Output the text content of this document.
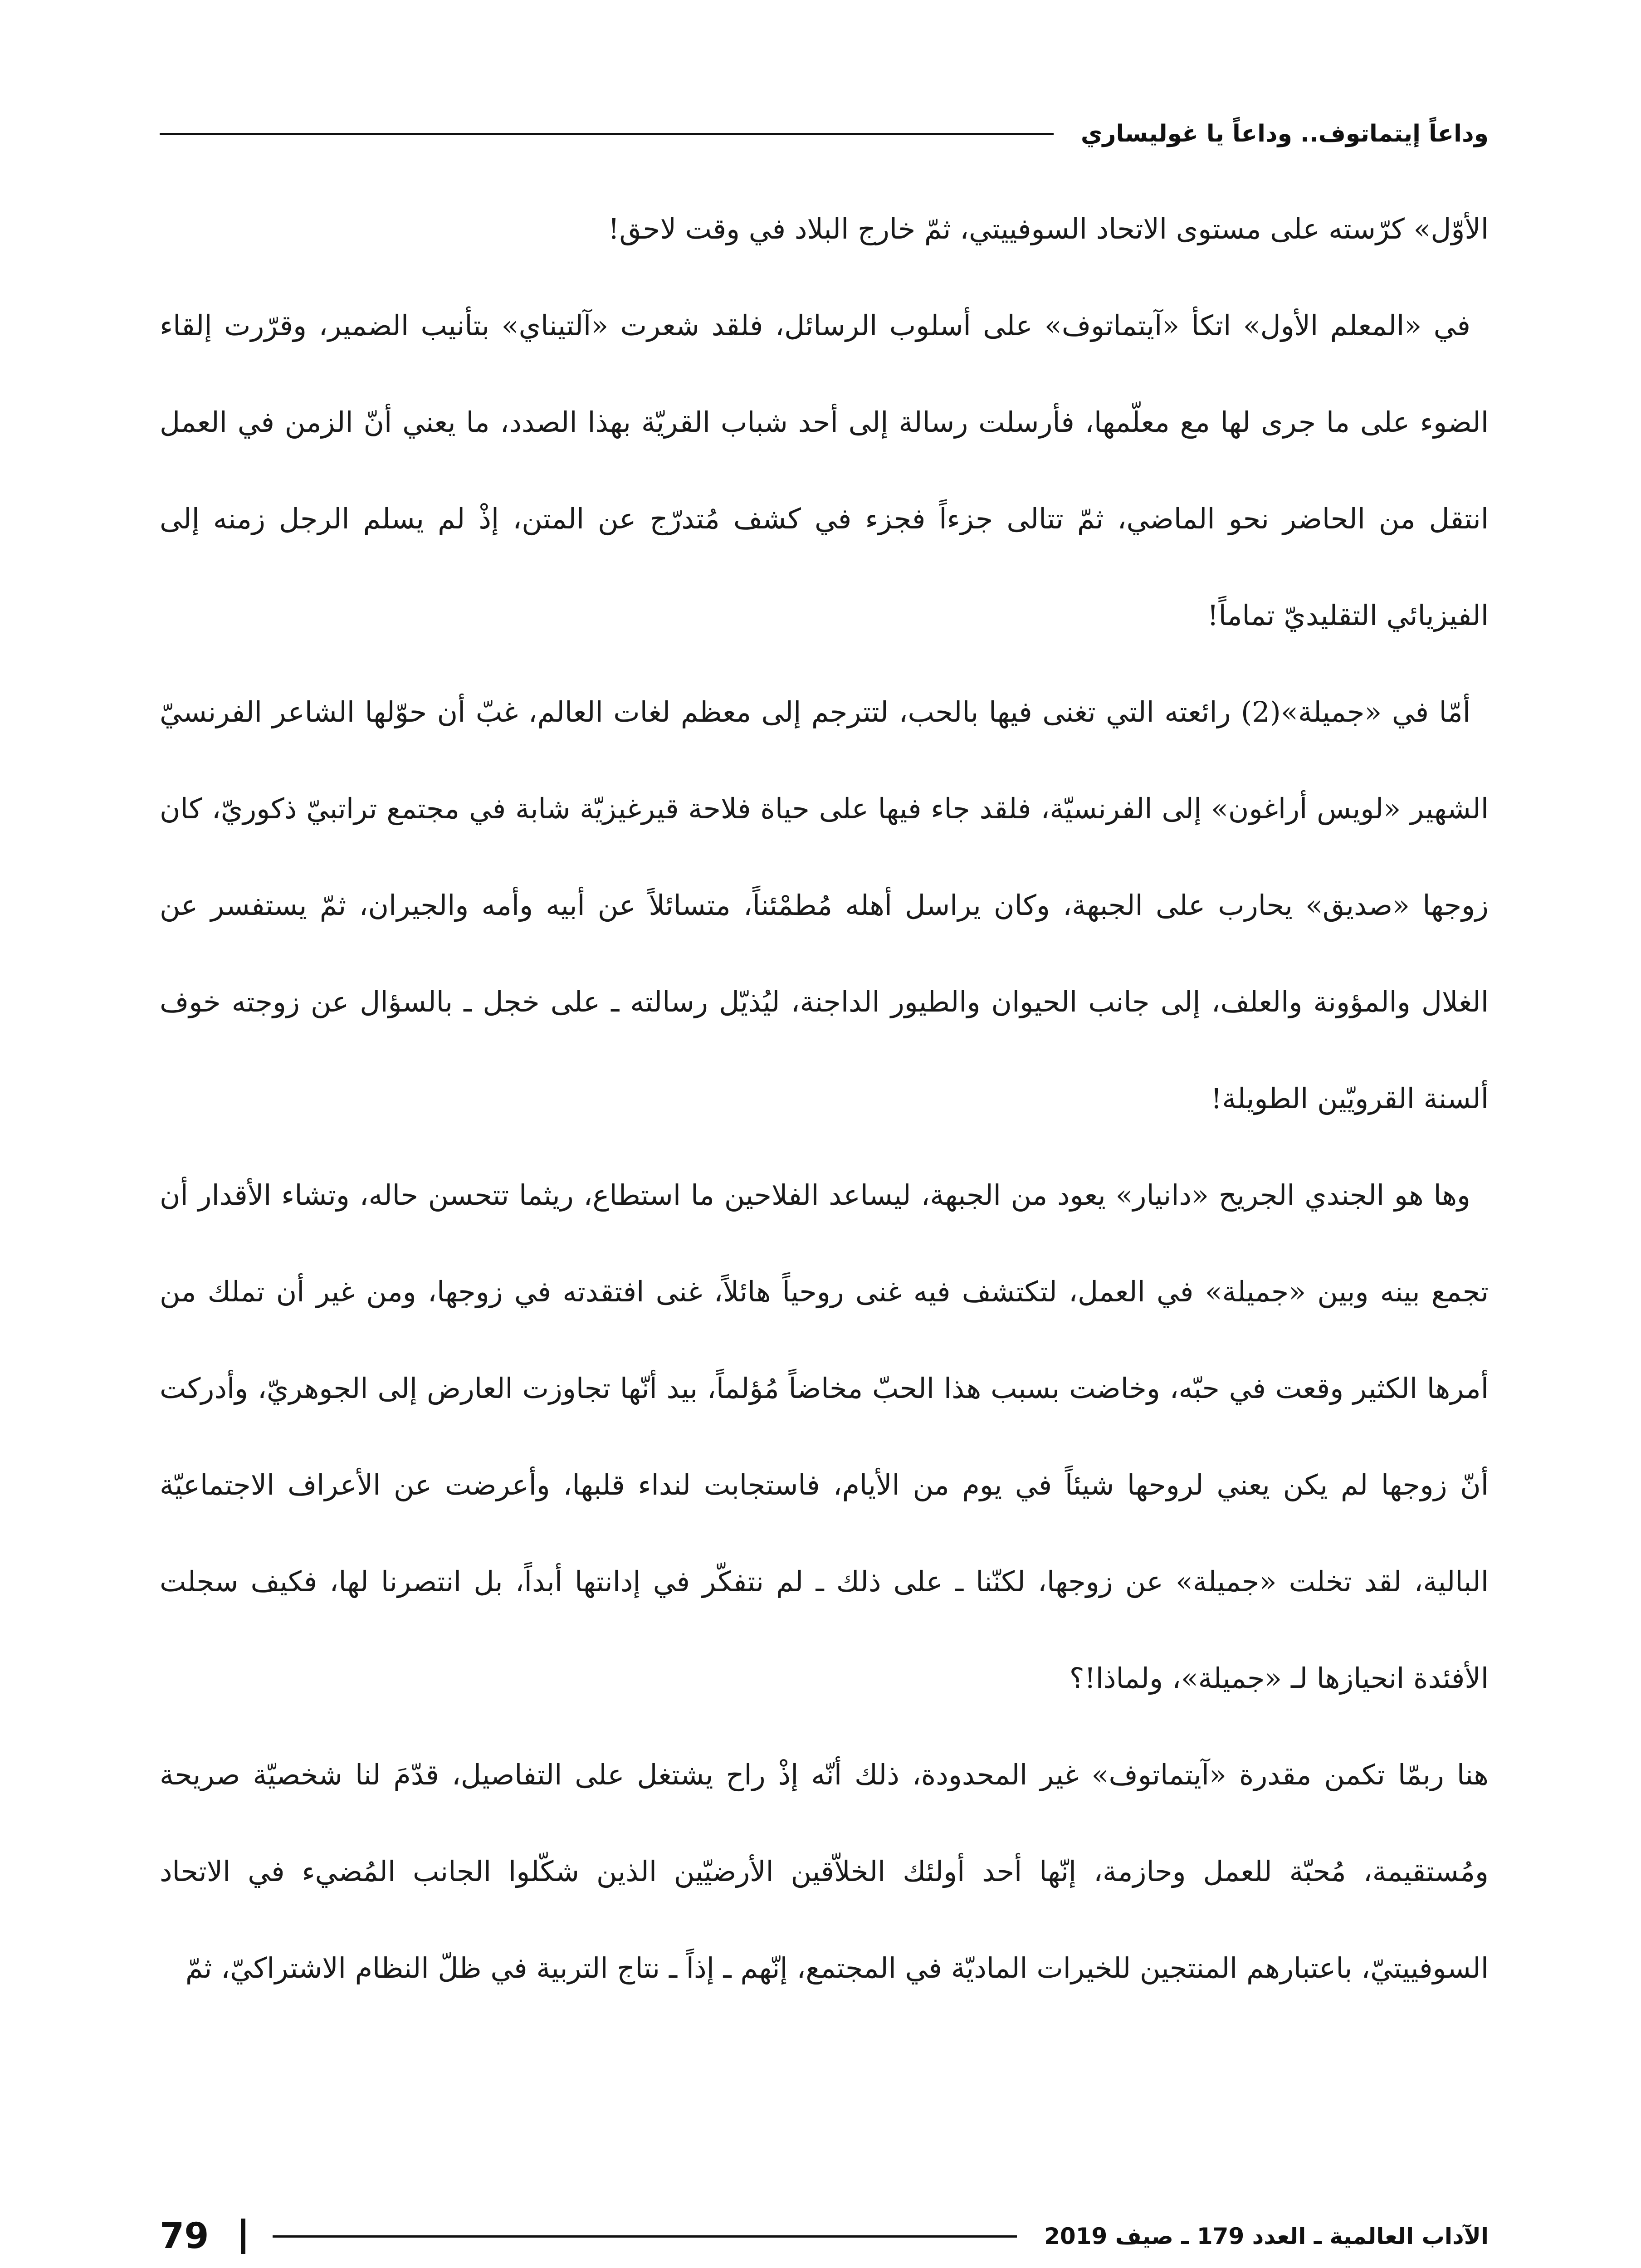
وداعاً إيتماتوف.. وداعاً يا غوليساري

الأوّل» كرّسته على مستوى الاتحاد السوفييتي، ثمّ خارج البلاد في وقت لاحق!

في «المعلم الأول» اتكأ «آيتماتوف» على أسلوب الرسائل، فلقد شعرت «آلتيناي» بتأنيب الضمير، وقرّرت إلقاء الضوء على ما جرى لها مع معلّمها، فأرسلت رسالة إلى أحد شباب القريّة بهذا الصدد، ما يعني أنّ الزمن في العمل انتقل من الحاضر نحو الماضي، ثمّ تتالى جزءاً فجزء في كشف مُتدرّج عن المتن، إذْ لم يسلم الرجل زمنه إلى الفيزيائي التقليديّ تماماً!

أمّا في «جميلة»(2) رائعته التي تغنى فيها بالحب، لتترجم إلى معظم لغات العالم، غبّ أن حوّلها الشاعر الفرنسيّ الشهير «لويس أراغون» إلى الفرنسيّة، فلقد جاء فيها على حياة فلاحة قيرغيزيّة شابة في مجتمع تراتبيّ ذكوريّ، كان زوجها «صديق» يحارب على الجبهة، وكان يراسل أهله مُطمْئناً، متسائلاً عن أبيه وأمه والجيران، ثمّ يستفسر عن الغلال والمؤونة والعلف، إلى جانب الحيوان والطيور الداجنة، ليُذيّل رسالته ـ على خجل ـ بالسؤال عن زوجته خوف ألسنة القرويّين الطويلة!

وها هو الجندي الجريح «دانيار» يعود من الجبهة، ليساعد الفلاحين ما استطاع، ريثما تتحسن حاله، وتشاء الأقدار أن تجمع بينه وبين «جميلة» في العمل، لتكتشف فيه غنى روحياً هائلاً، غنى افتقدته في زوجها، ومن غير أن تملك من أمرها الكثير وقعت في حبّه، وخاضت بسبب هذا الحبّ مخاضاً مُؤلماً، بيد أنّها تجاوزت العارض إلى الجوهريّ، وأدركت أنّ زوجها لم يكن يعني لروحها شيئاً في يوم من الأيام، فاستجابت لنداء قلبها، وأعرضت عن الأعراف الاجتماعيّة البالية، لقد تخلت «جميلة» عن زوجها، لكنّنا ـ على ذلك ـ لم نتفكّر في إدانتها أبداً، بل انتصرنا لها، فكيف سجلت الأفئدة انحيازها لـ «جميلة»، ولماذا!؟

هنا ربمّا تكمن مقدرة «آيتماتوف» غير المحدودة، ذلك أنّه إذْ راح يشتغل على التفاصيل، قدّمَ لنا شخصيّة صريحة ومُستقيمة، مُحبّة للعمل وحازمة، إنّها أحد أولئك الخلاّقين الأرضيّين الذين شكّلوا الجانب المُضيء في الاتحاد السوفييتيّ، باعتبارهم المنتجين للخيرات الماديّة في المجتمع، إنّهم ـ إذاً ـ نتاج التربية في ظلّ النظام الاشتراكيّ، ثمّ

79	الآداب العالمية ـ العدد 179 ـ صيف 2019
